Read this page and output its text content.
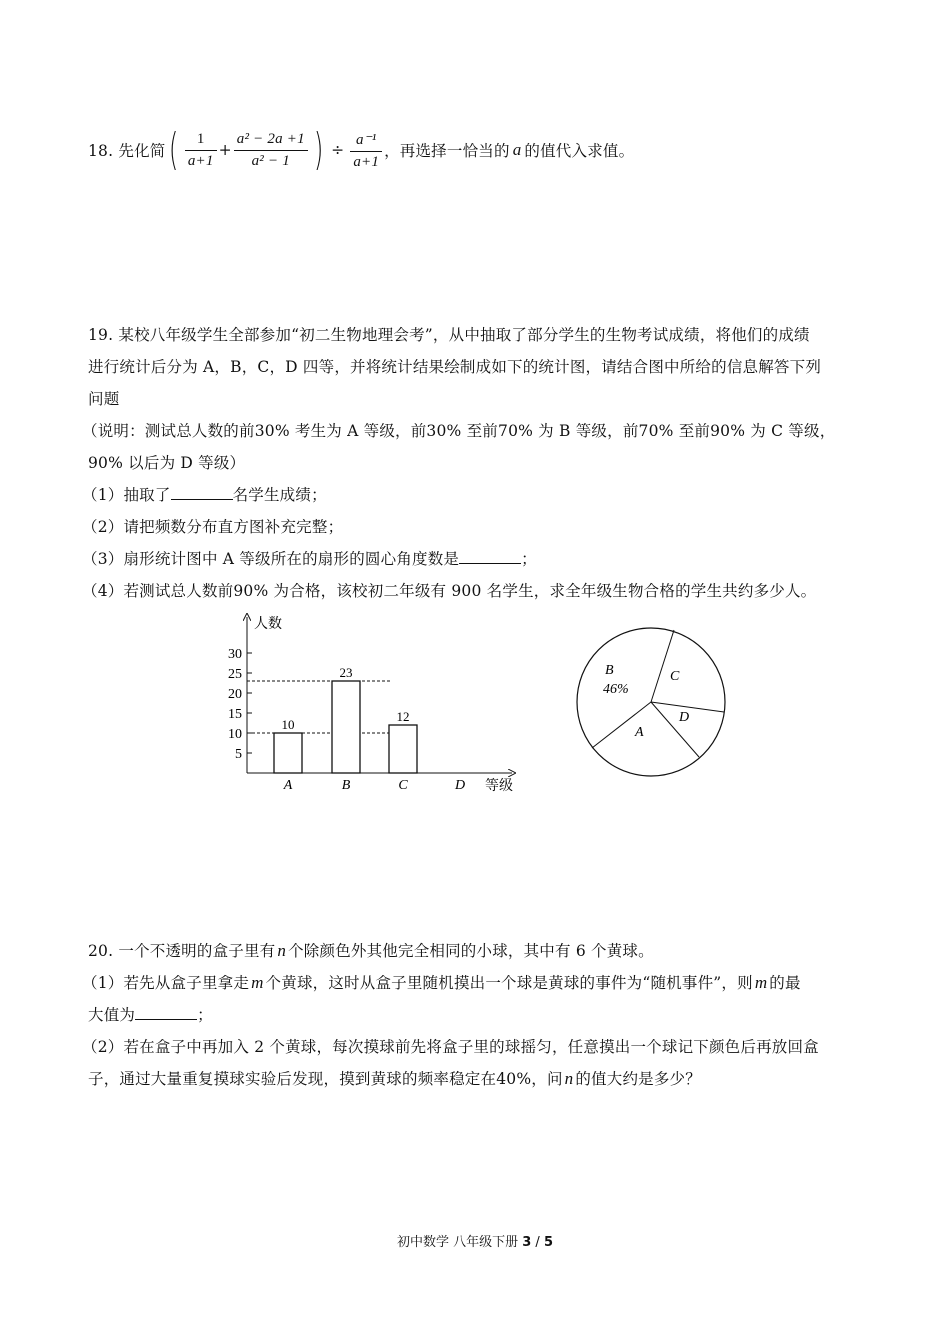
18. 先化简 ( $\frac{1}{a+1} + \frac{\text{a² − 2a +1}}{\text{a² − 1}}$ ) ÷ $\frac{\text{a⁻¹}}{a+1}$ ，再选择一恰当的 a 的值代入求值。
19. 某校八年级学生全部参加“初二生物地理会考”，从中抽取了部分学生的生物考试成绩，将他们的成绩
进行统计后分为 A，B，C，D 四等，并将统计结果绘制成如下的统计图，请结合图中所给的信息解答下列
问题
（说明：测试总人数的前30% 考生为 A 等级，前30% 至前70% 为 B 等级，前70% 至前90% 为 C 等级，
90% 以后为 D 等级）
（1）抽取了	名学生成绩；
（2）请把频数分布直方图补充完整；
（3）扇形统计图中 A 等级所在的扇形的圆心角度数是	；
（4）若测试总人数前90% 为合格，该校初二年级有 900 名学生，求全年级生物合格的学生共约多少人。
人数
等级
5
10
15
20
25
30
10
A
23
B
12
C	D
B
46%
C
D
A
20. 一个不透明的盒子里有 n 个除颜色外其他完全相同的小球，其中有 6 个黄球。
（1）若先从盒子里拿走 m 个黄球，这时从盒子里随机摸出一个球是黄球的事件为“随机事件”，则 m 的最
大值为	；
（2）若在盒子中再加入 2 个黄球，每次摸球前先将盒子里的球摇匀，任意摸出一个球记下颜色后再放回盒
子，通过大量重复摸球实验后发现，摸到黄球的频率稳定在40%，问 n 的值大约是多少？
初中数学 八年级下册 3 / 5
